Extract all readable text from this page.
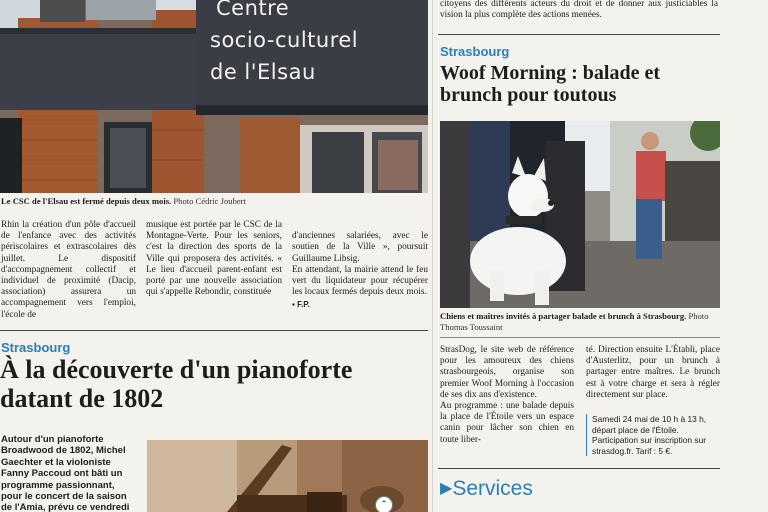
Centre
socio-culturel
de l'Elsau
Le CSC de l'Elsau est fermé depuis deux mois. Photo Cédric Joubert
Rhin la création d'un pôle d'accueil de l'enfance avec des activités périscolaires et extrascolaires dès juillet. Le dispositif d'accompagnement collectif et individuel de proximité (Dacip, association) assurera un accompagnement vers l'emploi, l'école de
musique est portée par le CSC de la Montagne-Verte. Pour les seniors, c'est la direction des sports de la Ville qui proposera des activités. « Le lieu d'accueil parent-enfant est porté par une nouvelle association qui s'appelle Rebondir, constituée

d'anciennes salariées, avec le soutien de la Ville », poursuit Guillaume Libsig.
En attendant, la mairie attend le feu vert du liquidateur pour récupérer les locaux fermés depuis deux mois.

▪ F.P.

Strasbourg
À la découverte d'un pianoforte
datant de 1802
Autour d'un pianoforte Broadwood de 1802, Michel Gaechter et la violoniste Fanny Paccoud ont bâti un programme passionnant, pour le concert de la saison de l'Amia, prévu ce vendredi	⌃
citoyens des différents acteurs du droit et de donner aux justiciables la vision la plus complète des actions menées.
Strasbourg
Woof Morning : balade et
brunch pour toutous
Chiens et maîtres invités à partager balade et brunch à Strasbourg. Photo Thomas Toussaint
StrasDog, le site web de référence pour les amoureux des chiens strasbourgeois, organise son premier Woof Morning à l'occasion de ses dix ans d'existence.
Au programme : une balade depuis la place de l'Étoile vers un espace canin pour lâcher son chien en toute liber-
té. Direction ensuite L'Établi, place d'Austerlitz, pour un brunch à partager entre maîtres. Le brunch est à votre charge et sera à régler directement sur place.
Samedi 24 mai de 10 h à 13 h, départ place de l'Étoile. Participation sur inscription sur strasdog.fr. Tarif : 5 €.
▶Services
